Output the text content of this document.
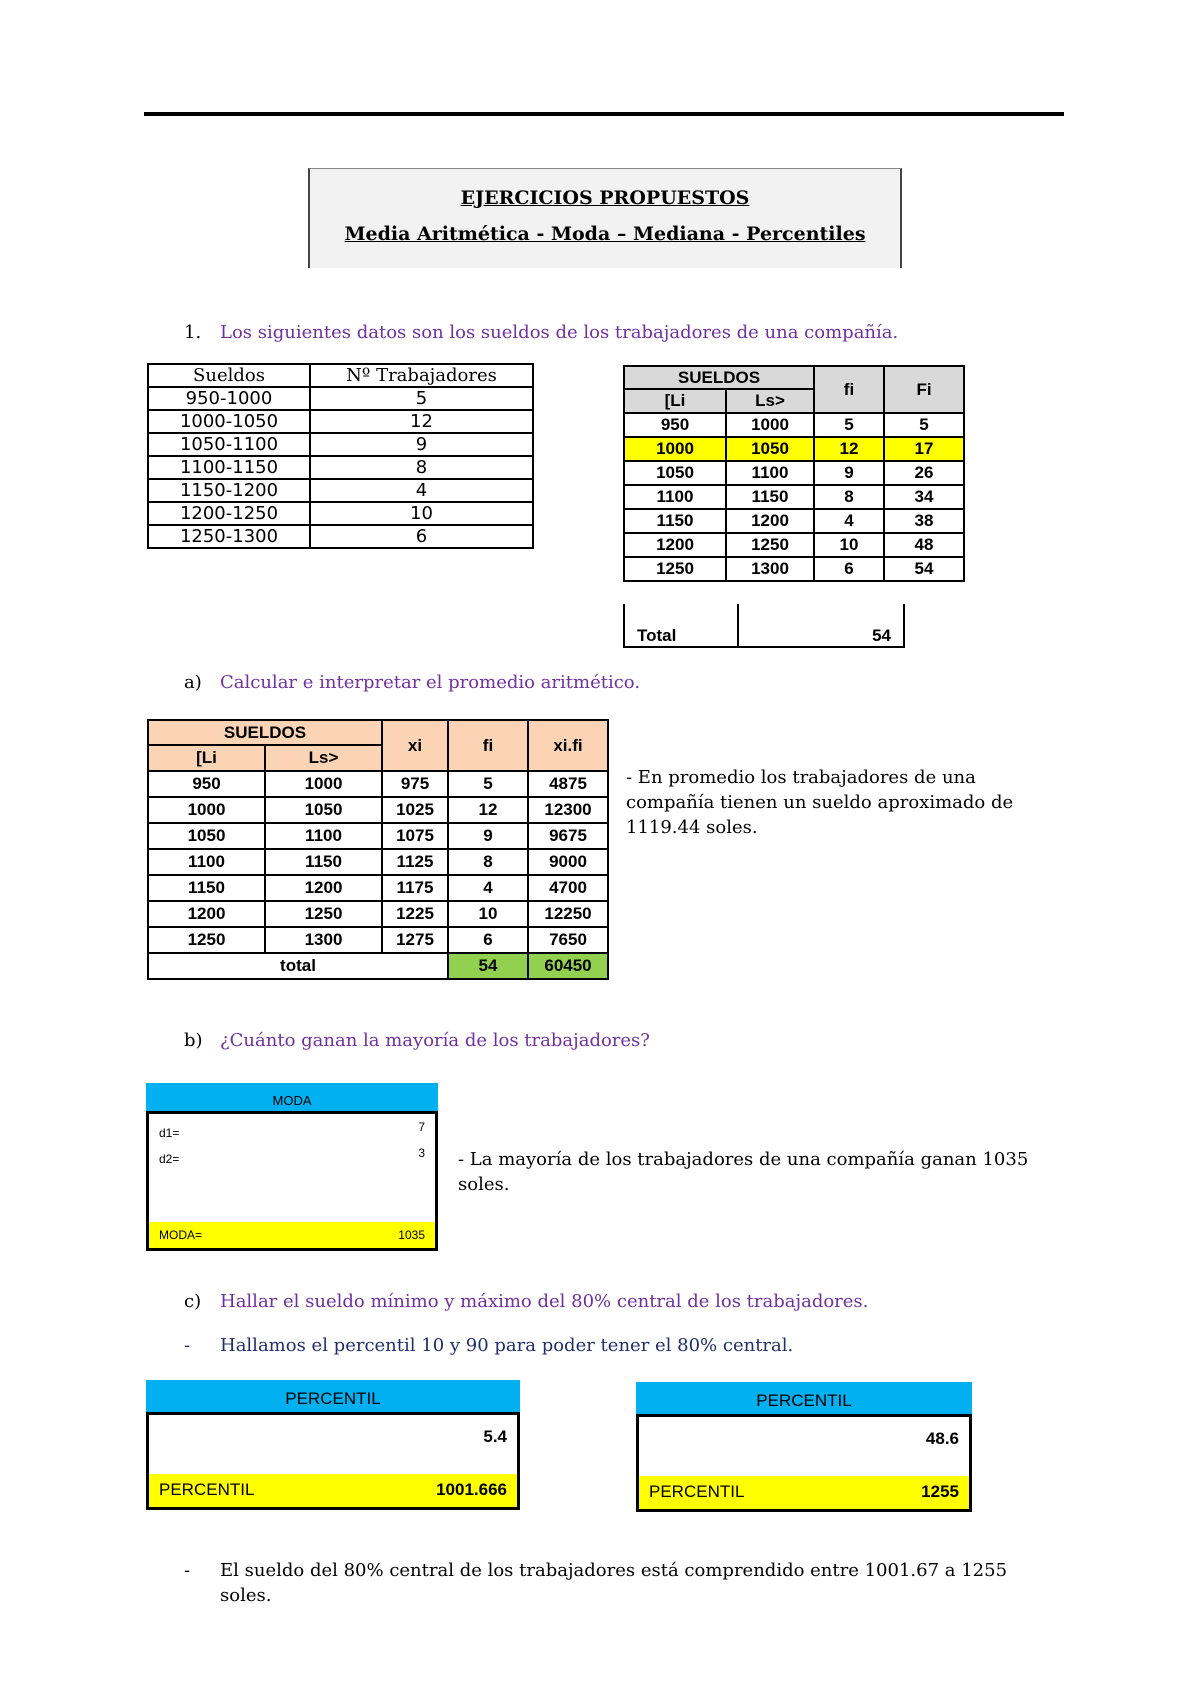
EJERCICIOS PROPUESTOS
Media Aritmética - Moda – Mediana - Percentiles
1. Los siguientes datos son los sueldos de los trabajadores de una compañía.
Sueldos	Nº Trabajadores
950-1000	5
1000-1050	12
1050-1100	9
1100-1150	8
1150-1200	4
1200-1250	10
1250-1300	6
SUELDOS		fi	Fi
[Li	Ls>		
950	1000	5	5
1000	1050	12	17
1050	1100	9	26
1100	1150	8	34
1150	1200	4	38
1200	1250	10	48
1250	1300	6	54
Total	54
a) Calcular e interpretar el promedio aritmético.
SUELDOS		xi	fi	xi.fi
[Li	Ls>			
950	1000	975	5	4875
1000	1050	1025	12	12300
1050	1100	1075	9	9675
1100	1150	1125	8	9000
1150	1200	1175	4	4700
1200	1250	1225	10	12250
1250	1300	1275	6	7650
total			54	60450
- En promedio los trabajadores de una compañía tienen un sueldo aproximado de 1119.44 soles.
b) ¿Cuánto ganan la mayoría de los trabajadores?
MODA
d1=	7
d2=	3
MODA=	1035
- La mayoría de los trabajadores de una compañía ganan 1035 soles.
c) Hallar el sueldo mínimo y máximo del 80% central de los trabajadores.
- Hallamos el percentil 10 y 90 para poder tener el 80% central.
PERCENTIL
5.4
PERCENTIL	1001.666
PERCENTIL
48.6
PERCENTIL	1255
- El sueldo del 80% central de los trabajadores está comprendido entre 1001.67 a 1255 soles.
